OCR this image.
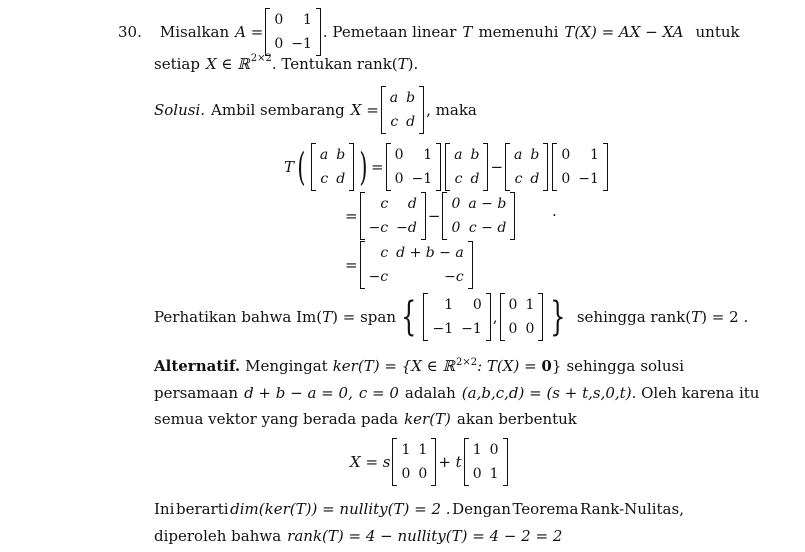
30. Misalkan A =
0	1
0	−1
. Pemetaan linear T memenuhi T(X) = AX − XA untuk
setiap X ∈ ℝ 2×2 . Tentukan rank( T ).
Solusi. Ambil sembarang X =
a	b
c	d
, maka
T ( a	b
c	d ) =
0	1
0	−1
a	b
c	d
−
a	b
c	d
0	1
0	−1
=
c	d
−c	−d
−
0	a − b
0	c − d
.
=
c	d + b − a
−c	−c
Perhatikan bahwa Im( T ) = span { 1	0
−1	−1
,
0	1
0	0 } sehingga rank( T ) = 2 .
Alternatif. Mengingat ker(T) = {X ∈ ℝ$^{2\times 2}$: T(X) = 0} sehingga solusi
persamaan d + b − a = 0, c = 0 adalah (a,b,c,d) = (s + t,s,0,t) . Oleh karena itu
semua vektor yang berada pada ker(T) akan berbentuk
X = s
1	1
0	0
+ t
1	0
0	1
Ini berarti dim(ker(T)) = nullity(T) = 2 . Dengan Teorema Rank-Nulitas,
diperoleh bahwa rank(T) = 4 − nullity(T) = 4 − 2 = 2
